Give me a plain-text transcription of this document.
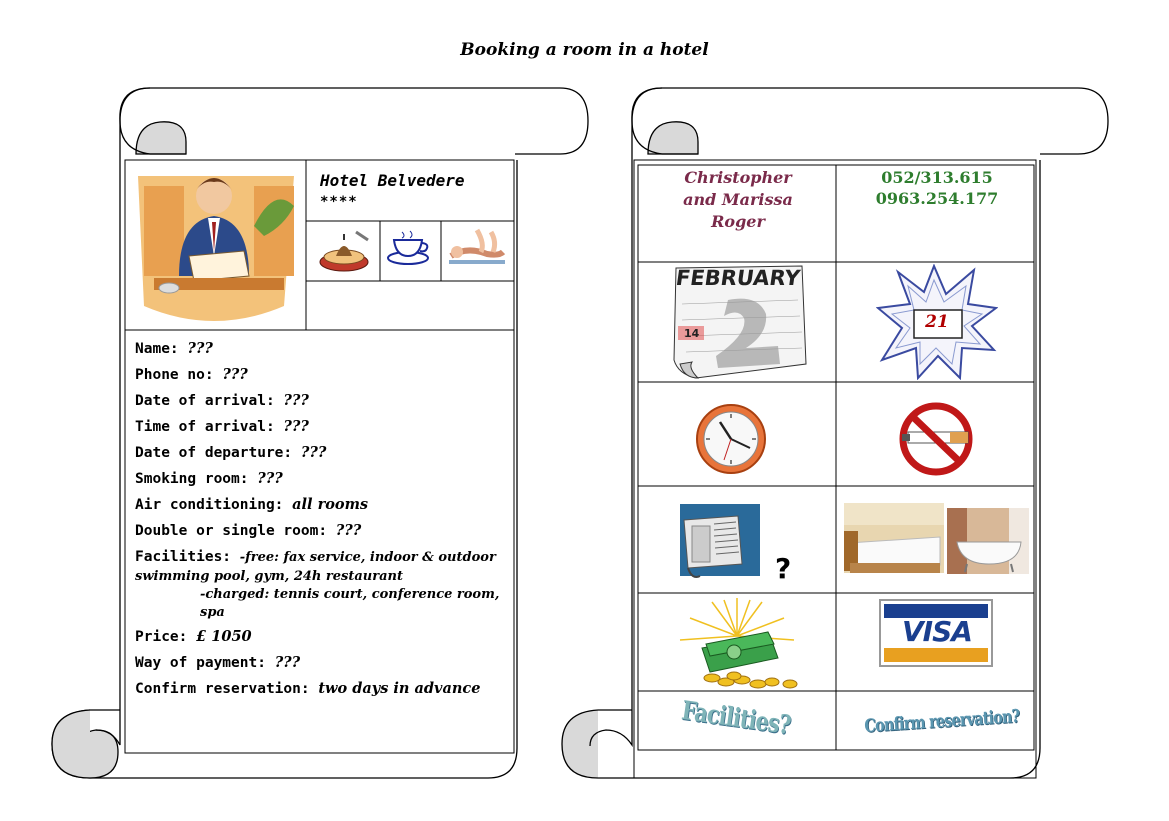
Booking a room in a hotel
Hotel Belvedere
****
Name: ???
Phone no: ???
Date of arrival: ???
Time of arrival: ???
Date of departure: ???
Smoking room: ???
Air conditioning: all rooms
Double or single room: ???
Facilities: -free: fax service, indoor & outdoor swimming pool, gym, 24h restaurant
-charged: tennis court, conference room, spa
Price: £ 1050
Way of payment: ???
Confirm reservation: two days in advance
Christopher
and Marissa
Roger
052/313.615
0963.254.177
FEBRUARY
14
21
?
VISA
Facilities?	Confirm reservation?
